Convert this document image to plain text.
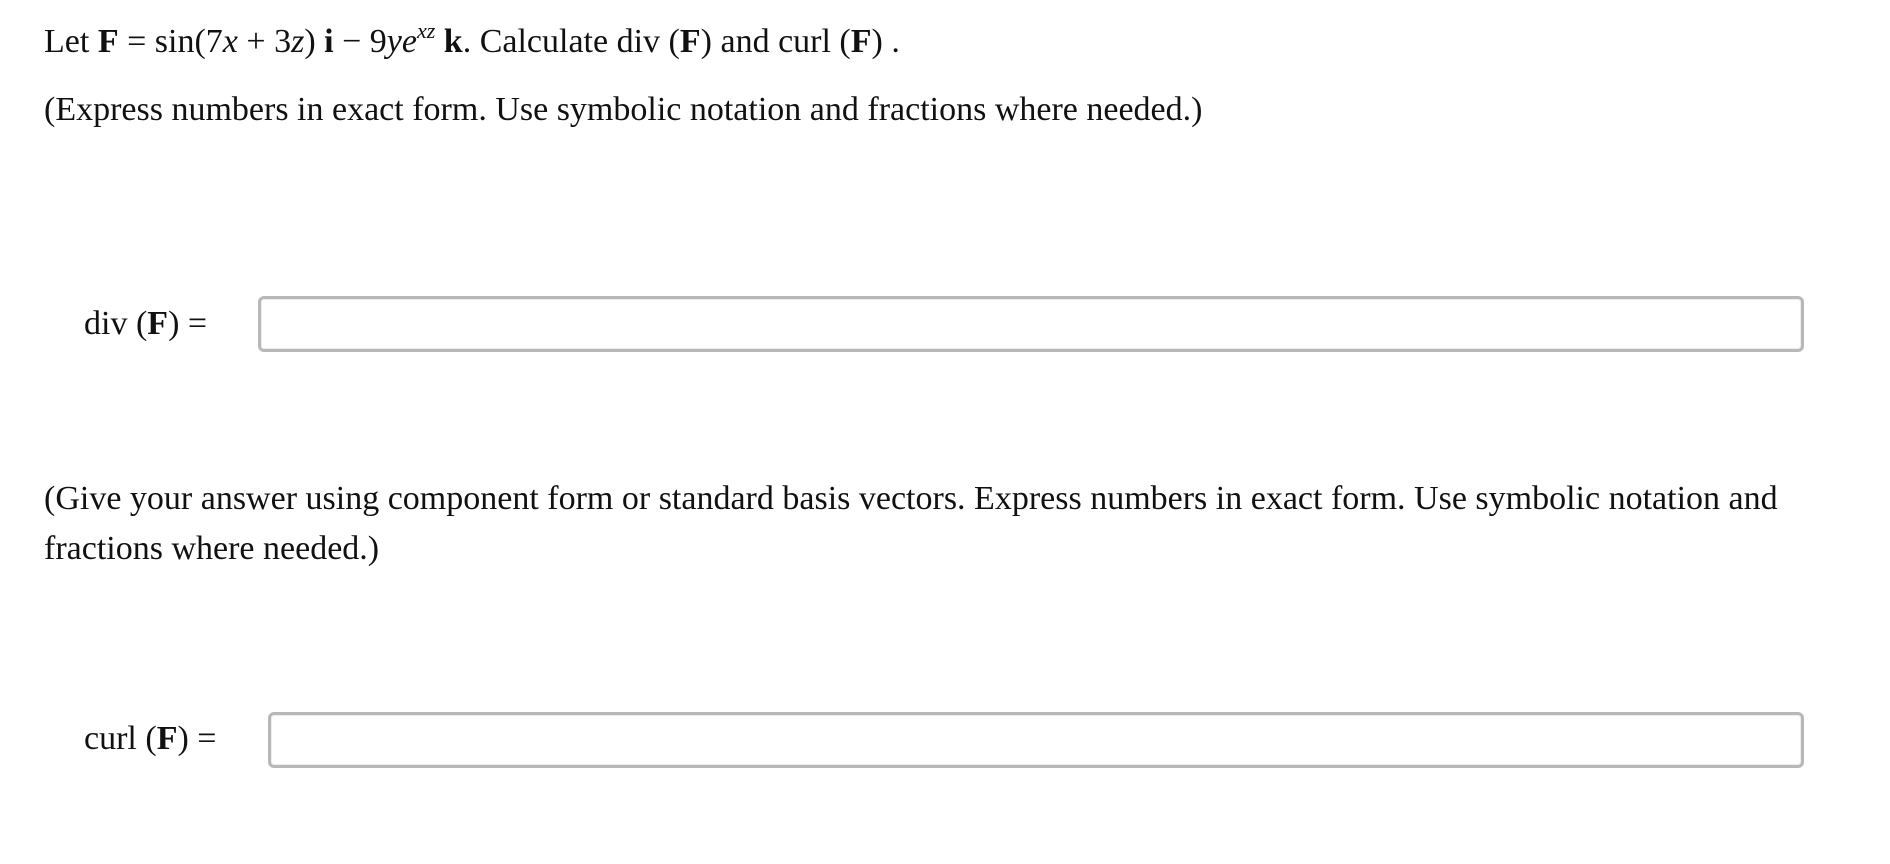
Let F = sin(7x + 3z) $i - 9ye^{xz}$ k. Calculate div (F) and curl (F) .
(Express numbers in exact form. Use symbolic notation and fractions where needed.)
div (F) =
(Give your answer using component form or standard basis vectors. Express numbers in exact form. Use symbolic notation and fractions where needed.)
curl (F) =
